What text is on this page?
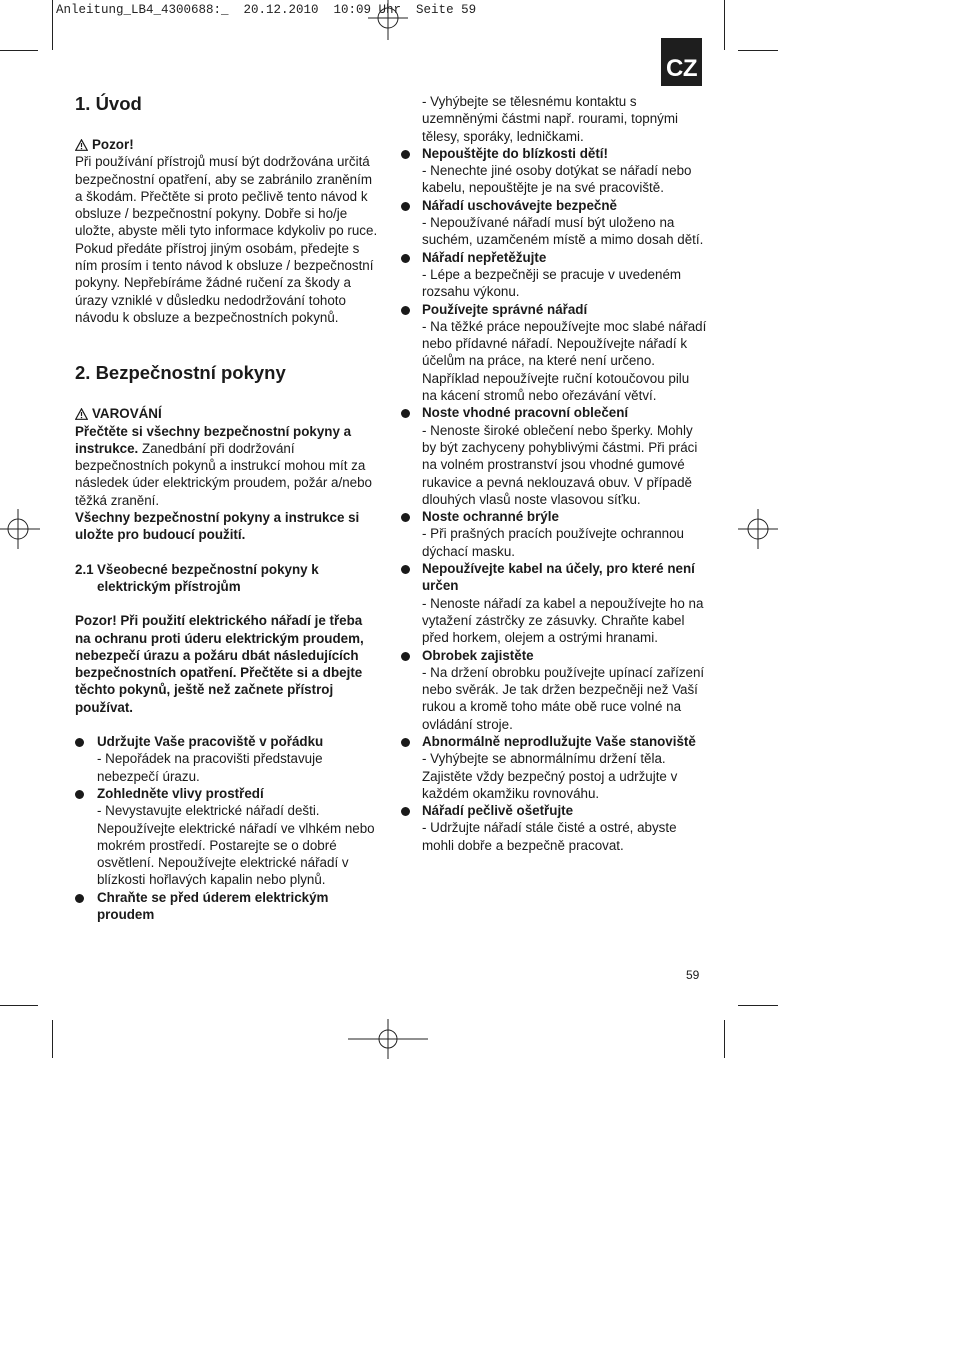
Anleitung_LB4_4300688:_  20.12.2010  10:09 Uhr  Seite 59
CZ
1. Úvod
Pozor!

Při používání přístrojů musí být dodržována určitá bezpečnostní opatření, aby se zabránilo zraněním a škodám. Přečtěte si proto pečlivě tento návod k obsluze / bezpečnostní pokyny. Dobře si ho/je uložte, abyste měli tyto informace kdykoliv po ruce. Pokud předáte přístroj jiným osobám, předejte s ním prosím i tento návod k obsluze / bezpečnostní pokyny. Nepřebíráme žádné ručení za škody a úrazy vzniklé v důsledku nedodržování tohoto návodu k obsluze a bezpečnostních pokynů.

2. Bezpečnostní pokyny
VAROVÁNÍ

Přečtěte si všechny bezpečnostní pokyny a instrukce. Zanedbání při dodržování bezpečnostních pokynů a instrukcí mohou mít za následek úder elektrickým proudem, požár a/nebo těžká zranění.

Všechny bezpečnostní pokyny a instrukce si uložte pro budoucí použití.

2.1 Všeobecné bezpečnostní pokyny k elektrickým přístrojům

Pozor! Při použití elektrického nářadí je třeba na ochranu proti úderu elektrickým proudem, nebezpečí úrazu a požáru dbát následujících bezpečnostních opatření. Přečtěte si a dbejte těchto pokynů, ještě než začnete přístroj používat.

Udržujte Vaše pracoviště v pořádku
- Nepořádek na pracovišti představuje nebezpečí úrazu.
Zohledněte vlivy prostředí
- Nevystavujte elektrické nářadí dešti. Nepoužívejte elektrické nářadí ve vlhkém nebo mokrém prostředí. Postarejte se o dobré osvětlení. Nepoužívejte elektrické nářadí v blízkosti hořlavých kapalin nebo plynů.
Chraňte se před úderem elektrickým proudem

- Vyhýbejte se tělesnému kontaktu s uzemněnými částmi např. rourami, topnými tělesy, sporáky, ledničkami.

Nepouštějte do blízkosti dětí!
- Nenechte jiné osoby dotýkat se nářadí nebo kabelu, nepouštějte je na své pracoviště.
Nářadí uschovávejte bezpečně
- Nepoužívané nářadí musí být uloženo na suchém, uzamčeném místě a mimo dosah dětí.
Nářadí nepřetěžujte
- Lépe a bezpečněji se pracuje v uvedeném rozsahu výkonu.
Používejte správné nářadí
- Na těžké práce nepoužívejte moc slabé nářadí nebo přídavné nářadí. Nepoužívejte nářadí k účelům na práce, na které není určeno. Například nepoužívejte ruční kotoučovou pilu na kácení stromů nebo ořezávání větví.
Noste vhodné pracovní oblečení
- Nenoste široké oblečení nebo šperky. Mohly by být zachyceny pohyblivými částmi. Při práci na volném prostranství jsou vhodné gumové rukavice a pevná neklouzavá obuv. V případě dlouhých vlasů noste vlasovou síťku.
Noste ochranné brýle
- Při prašných pracích používejte ochrannou dýchací masku.
Nepoužívejte kabel na účely, pro které není určen
- Nenoste nářadí za kabel a nepoužívejte ho na vytažení zástrčky ze zásuvky. Chraňte kabel před horkem, olejem a ostrými hranami.
Obrobek zajistěte
- Na držení obrobku používejte upínací zařízení nebo svěrák. Je tak držen bezpečněji než Vaší rukou a kromě toho máte obě ruce volné na ovládání stroje.
Abnormálně neprodlužujte Vaše stanoviště
- Vyhýbejte se abnormálnímu držení těla. Zajistěte vždy bezpečný postoj a udržujte v každém okamžiku rovnováhu.
Nářadí pečlivě ošetřujte
- Udržujte nářadí stále čisté a ostré, abyste mohli dobře a bezpečně pracovat.
59
